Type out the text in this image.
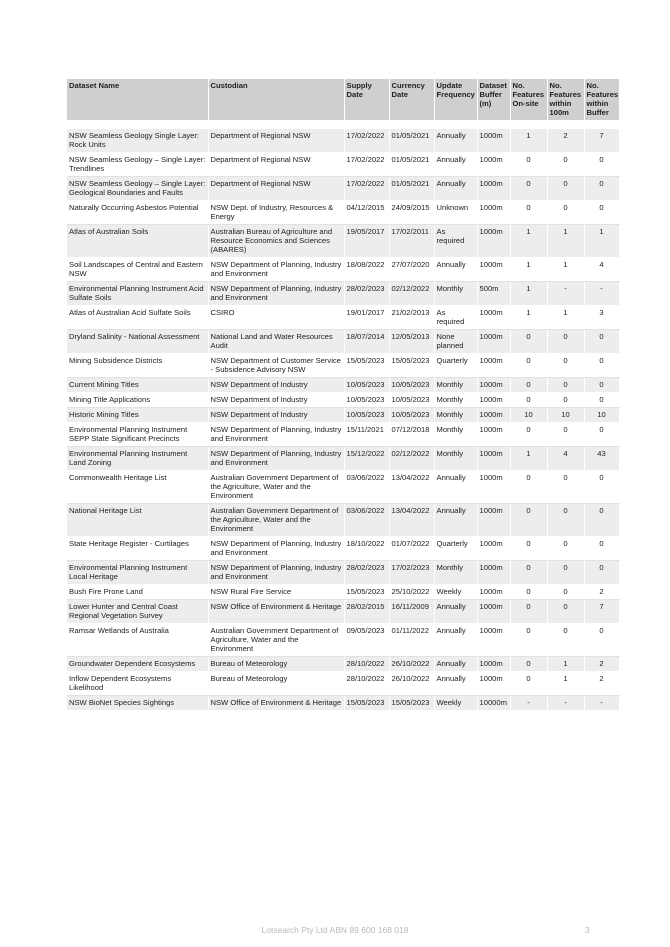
Dataset Name	Custodian	Supply Date	Currency Date	Update Frequency	Dataset Buffer (m)	No. Features On-site	No. Features within 100m	No. Features within Buffer

NSW Seamless Geology Single Layer: Rock Units	Department of Regional NSW	17/02/2022	01/05/2021	Annually	1000m	1	2	7
NSW Seamless Geology – Single Layer: Trendlines	Department of Regional NSW	17/02/2022	01/05/2021	Annually	1000m	0	0	0
NSW Seamless Geology – Single Layer: Geological Boundaries and Faults	Department of Regional NSW	17/02/2022	01/05/2021	Annually	1000m	0	0	0
Naturally Occurring Asbestos Potential	NSW Dept. of Industry, Resources & Energy	04/12/2015	24/09/2015	Unknown	1000m	0	0	0
Atlas of Australian Soils	Australian Bureau of Agriculture and Resource Economics and Sciences (ABARES)	19/05/2017	17/02/2011	As required	1000m	1	1	1
Soil Landscapes of Central and Eastern NSW	NSW Department of Planning, Industry and Environment	18/08/2022	27/07/2020	Annually	1000m	1	1	4
Environmental Planning Instrument Acid Sulfate Soils	NSW Department of Planning, Industry and Environment	28/02/2023	02/12/2022	Monthly	500m	1	-	-
Atlas of Australian Acid Sulfate Soils	CSIRO	19/01/2017	21/02/2013	As required	1000m	1	1	3
Dryland Salinity - National Assessment	National Land and Water Resources Audit	18/07/2014	12/05/2013	None planned	1000m	0	0	0
Mining Subsidence Districts	NSW Department of Customer Service - Subsidence Advisory NSW	15/05/2023	15/05/2023	Quarterly	1000m	0	0	0
Current Mining Titles	NSW Department of Industry	10/05/2023	10/05/2023	Monthly	1000m	0	0	0
Mining Title Applications	NSW Department of Industry	10/05/2023	10/05/2023	Monthly	1000m	0	0	0
Historic Mining Titles	NSW Department of Industry	10/05/2023	10/05/2023	Monthly	1000m	10	10	10
Environmental Planning Instrument SEPP State Significant Precincts	NSW Department of Planning, Industry and Environment	15/11/2021	07/12/2018	Monthly	1000m	0	0	0
Environmental Planning Instrument Land Zoning	NSW Department of Planning, Industry and Environment	15/12/2022	02/12/2022	Monthly	1000m	1	4	43
Commonwealth Heritage List	Australian Government Department of the Agriculture, Water and the Environment	03/06/2022	13/04/2022	Annually	1000m	0	0	0
National Heritage List	Australian Government Department of the Agriculture, Water and the Environment	03/06/2022	13/04/2022	Annually	1000m	0	0	0
State Heritage Register - Curtilages	NSW Department of Planning, Industry and Environment	18/10/2022	01/07/2022	Quarterly	1000m	0	0	0
Environmental Planning Instrument Local Heritage	NSW Department of Planning, Industry and Environment	28/02/2023	17/02/2023	Monthly	1000m	0	0	0
Bush Fire Prone Land	NSW Rural Fire Service	15/05/2023	25/10/2022	Weekly	1000m	0	0	2
Lower Hunter and Central Coast Regional Vegetation Survey	NSW Office of Environment & Heritage	28/02/2015	16/11/2009	Annually	1000m	0	0	7
Ramsar Wetlands of Australia	Australian Government Department of Agriculture, Water and the Environment	09/05/2023	01/11/2022	Annually	1000m	0	0	0
Groundwater Dependent Ecosystems	Bureau of Meteorology	28/10/2022	26/10/2022	Annually	1000m	0	1	2
Inflow Dependent Ecosystems Likelihood	Bureau of Meteorology	28/10/2022	26/10/2022	Annually	1000m	0	1	2
NSW BioNet Species Sightings	NSW Office of Environment & Heritage	15/05/2023	15/05/2023	Weekly	10000m	-	-	-
Lotsearch Pty Ltd ABN 89 600 168 018	3
